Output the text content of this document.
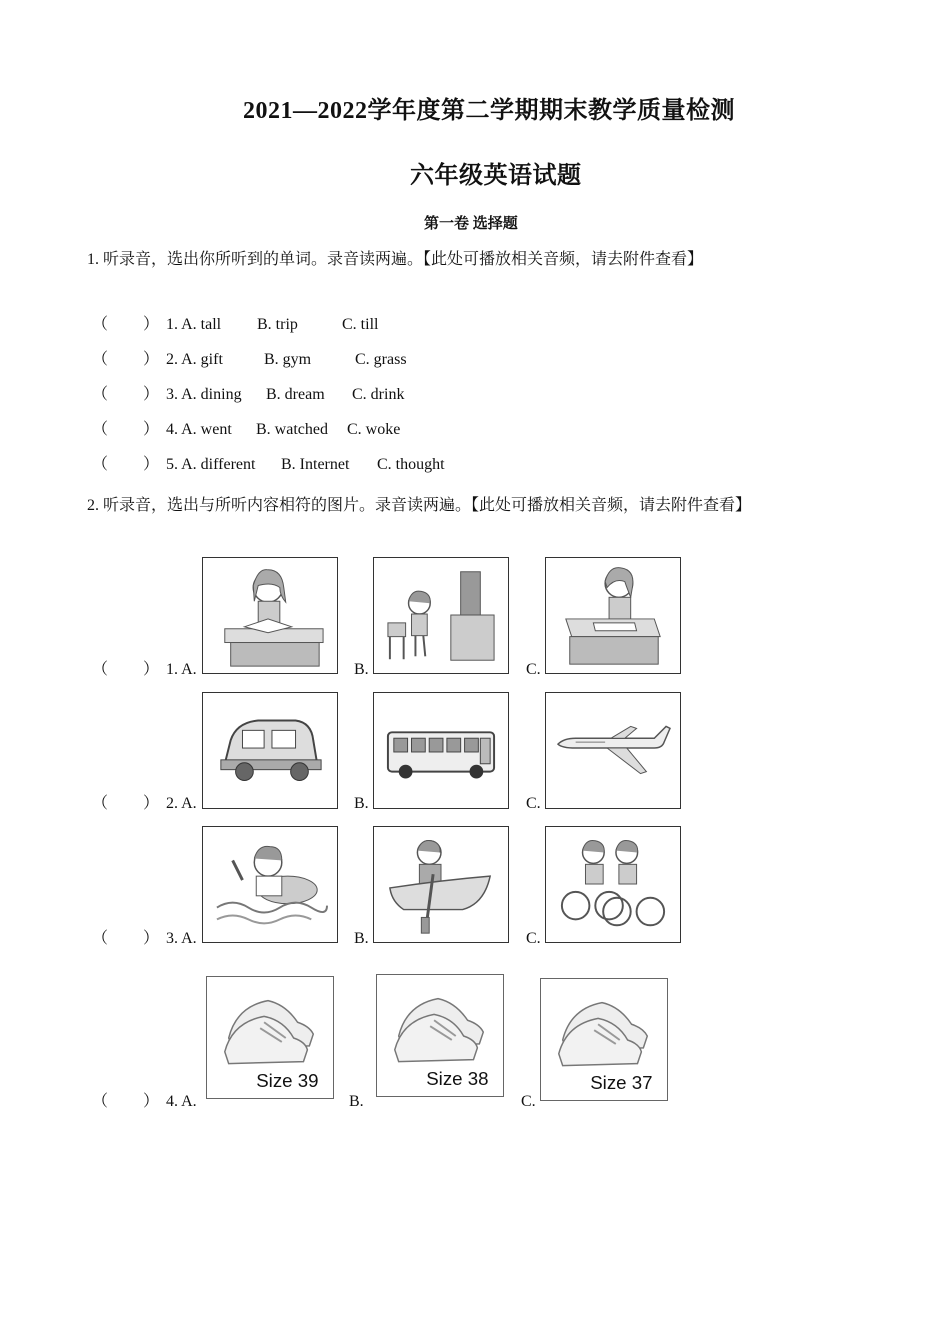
2021—2022学年度第二学期期末教学质量检测
六年级英语试题
第一卷 选择题
1. 听录音，选出你所听到的单词。录音读两遍。【此处可播放相关音频，请去附件查看】
（ ） 1. A. tall B. trip	C. till
（ ） 2. A. gift	B. gym	C. grass
（ ） 3. A. dining B. dream C. drink
（ ） 4. A. went B. watched C. woke
（ ） 5. A. different B. Internet C. thought
2. 听录音，选出与所听内容相符的图片。录音读两遍。【此处可播放相关音频，请去附件查看】
（ ） 1. A.	B.	C.
（ ） 2. A.	B.	C.
（ ） 3. A.	B.	C.
（ ） 4. A.
Size 39
B.
Size 38
C.
Size 37
